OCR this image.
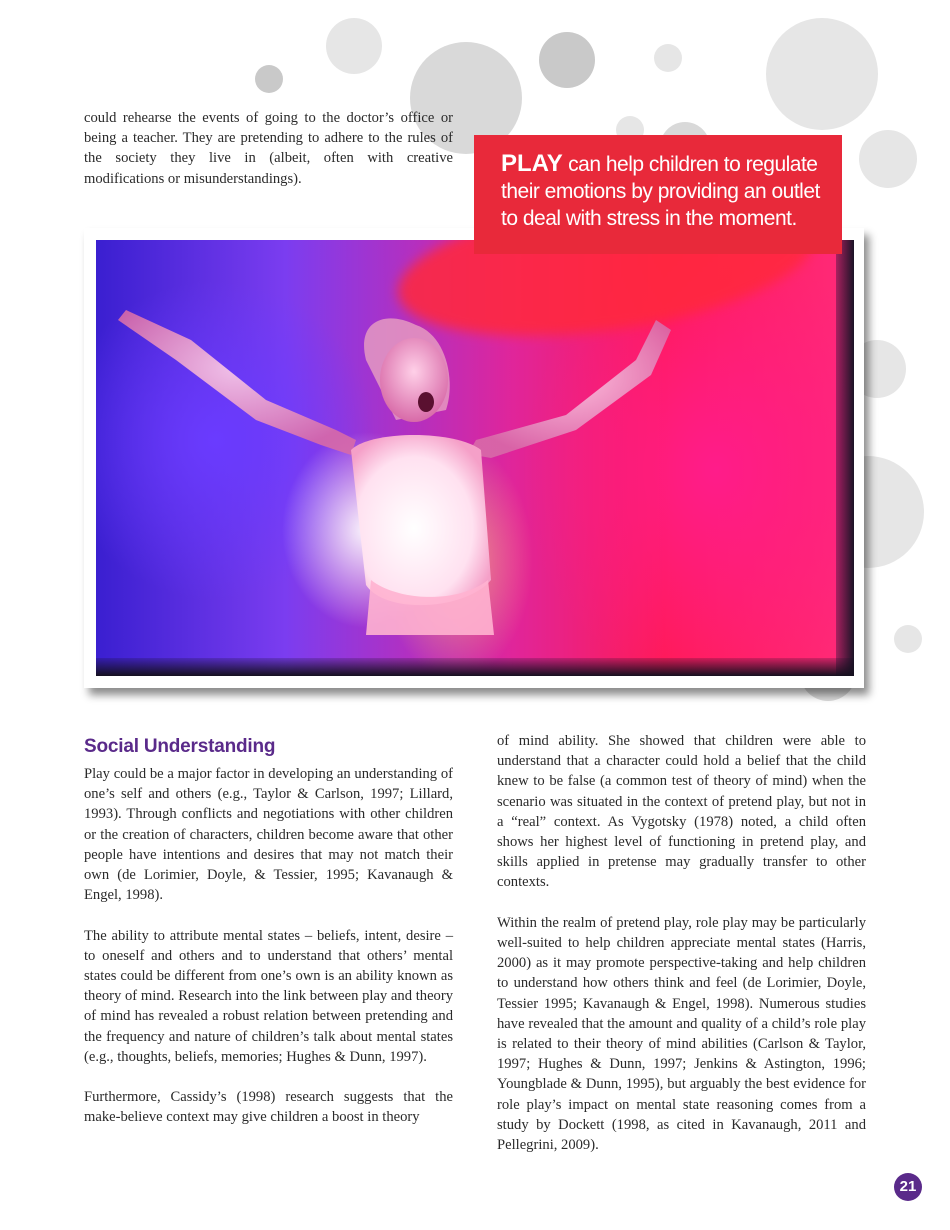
could rehearse the events of going to the doctor’s office or being a teacher. They are pretending to adhere to the rules of the society they live in (albeit, often with creative modifications or misunderstandings).

PLAY can help children to regulate their emotions by providing an outlet to deal with stress in the moment.
Social Understanding

Play could be a major factor in developing an understanding of one’s self and others (e.g., Taylor & Carlson, 1997; Lillard, 1993). Through conflicts and negotiations with other children or the creation of characters, children become aware that other people have intentions and desires that may not match their own (de Lorimier, Doyle, & Tessier, 1995; Kavanaugh & Engel, 1998).

The ability to attribute mental states – beliefs, intent, desire – to oneself and others and to understand that others’ mental states could be different from one’s own is an ability known as theory of mind. Research into the link between play and theory of mind has revealed a robust relation between pretending and the frequency and nature of children’s talk about mental states (e.g., thoughts, beliefs, memories; Hughes & Dunn, 1997).

Furthermore, Cassidy’s (1998) research suggests that the make-believe context may give children a boost in theory

of mind ability. She showed that children were able to understand that a character could hold a belief that the child knew to be false (a common test of theory of mind) when the scenario was situated in the context of pretend play, but not in a “real” context. As Vygotsky (1978) noted, a child often shows her highest level of functioning in pretend play, and skills applied in pretense may gradually transfer to other contexts.

Within the realm of pretend play, role play may be particularly well-suited to help children appreciate mental states (Harris, 2000) as it may promote perspective-taking and help children to understand how others think and feel (de Lorimier, Doyle, Tessier 1995; Kavanaugh & Engel, 1998). Numerous studies have revealed that the amount and quality of a child’s role play is related to their theory of mind abilities (Carlson & Taylor, 1997; Hughes & Dunn, 1997; Jenkins & Astington, 1996; Youngblade & Dunn, 1995), but arguably the best evidence for role play’s impact on mental state reasoning comes from a study by Dockett (1998, as cited in Kavanaugh, 2011 and Pellegrini, 2009).

21
